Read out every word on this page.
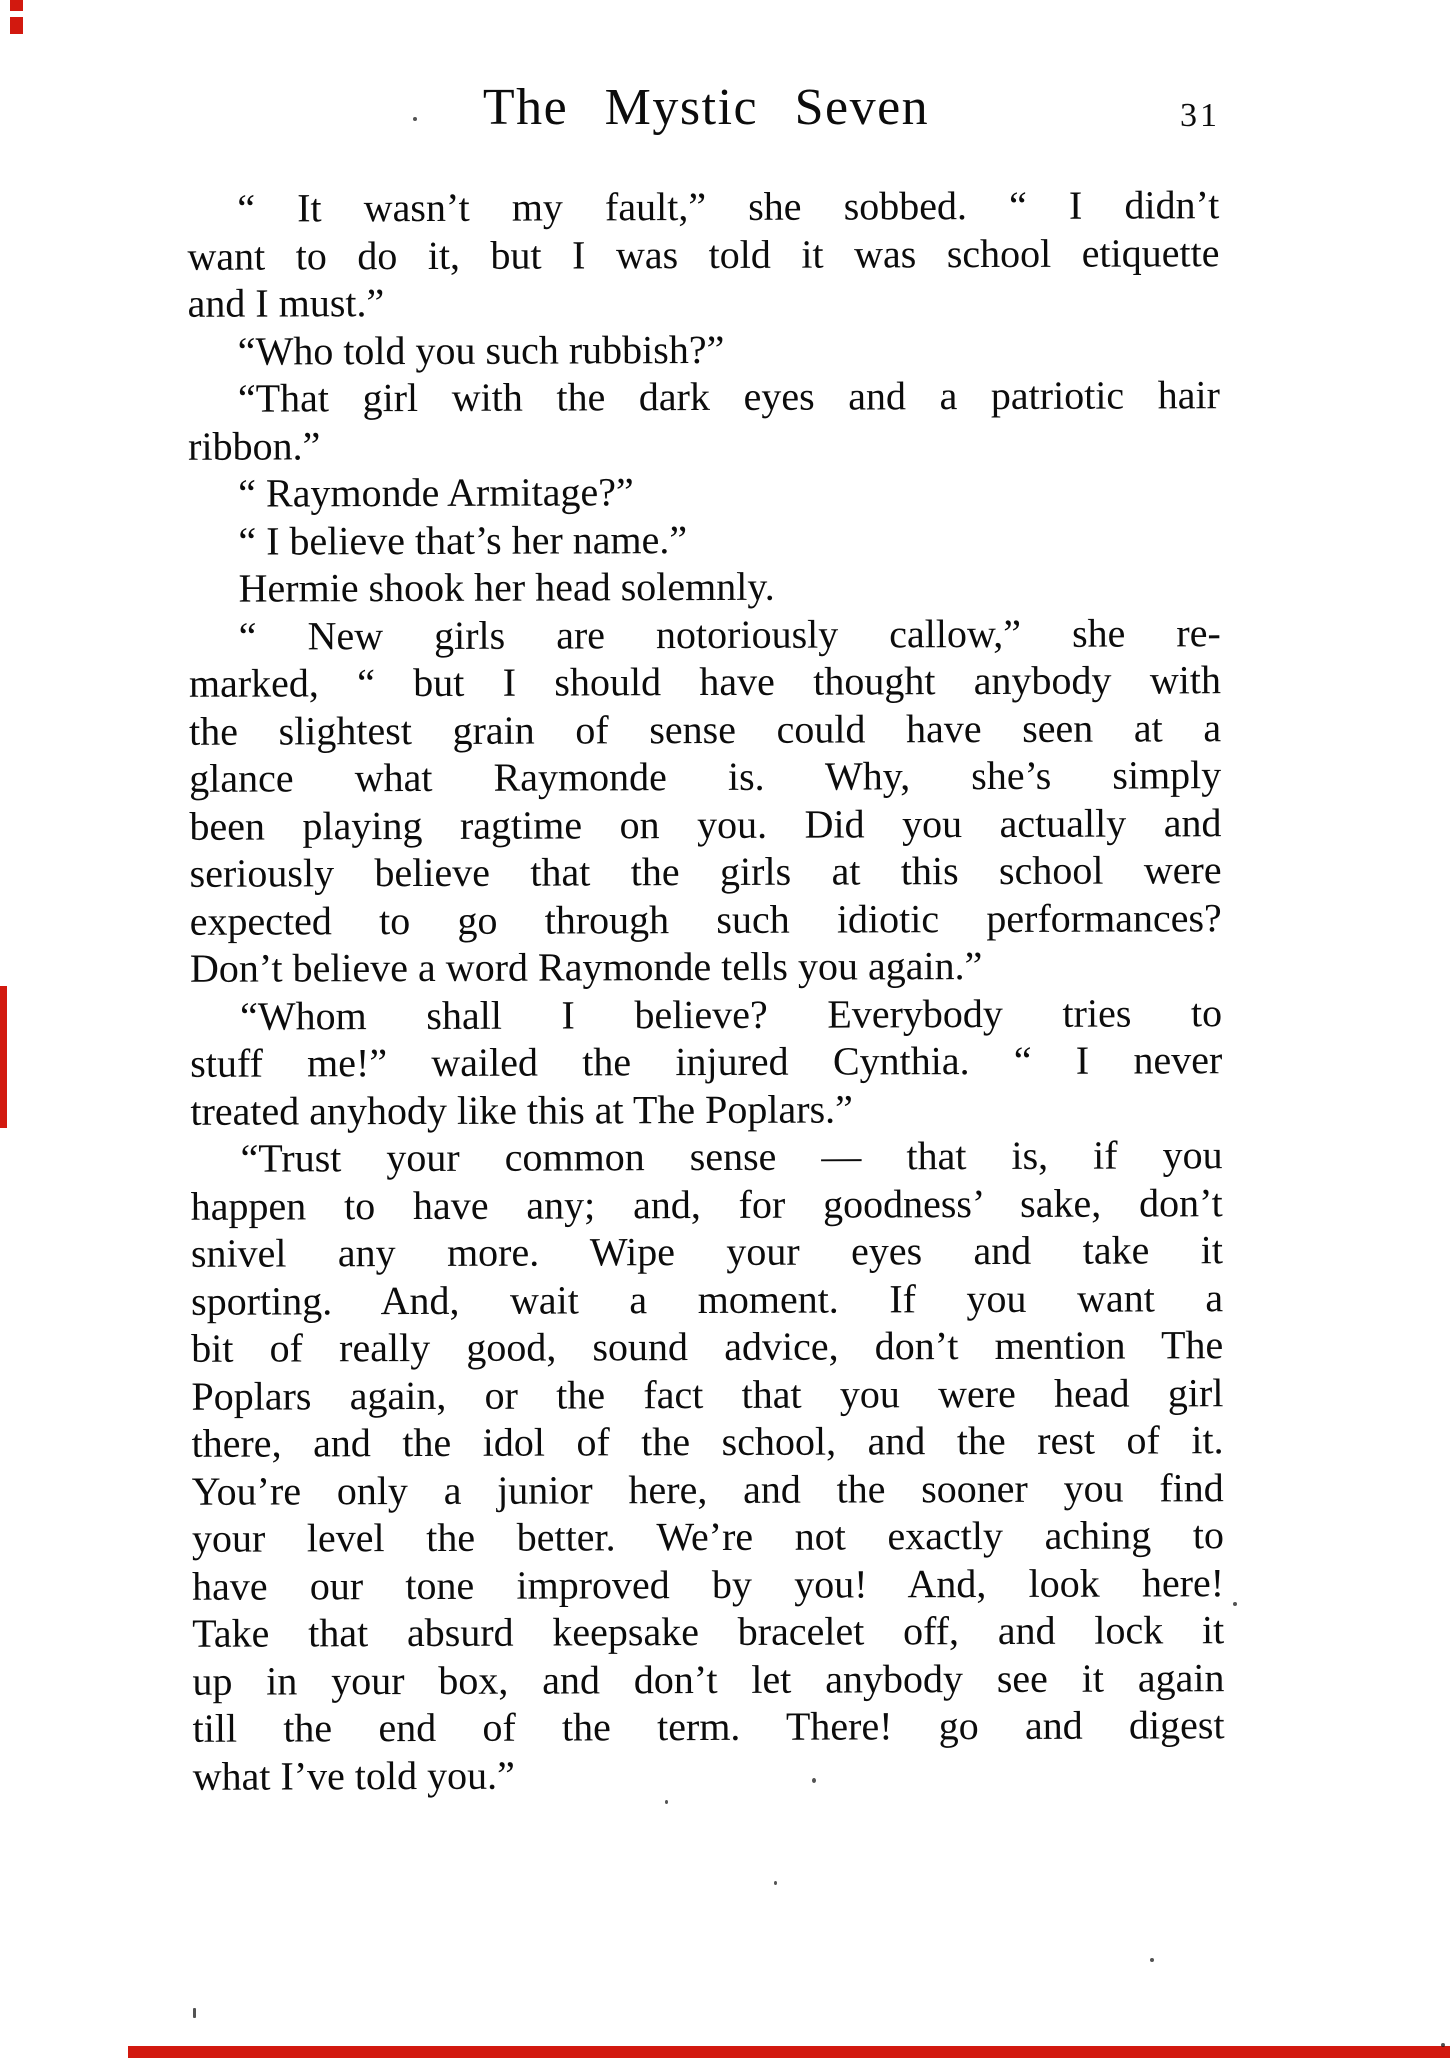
The Mystic Seven	31
“ It wasn’t my fault,” she sobbed. “ I didn’t
want to do it, but I was told it was school etiquette
and I must.”
“Who told you such rubbish?”
“That girl with the dark eyes and a patriotic hair
ribbon.”
“ Raymonde Armitage?”
“ I believe that’s her name.”
Hermie shook her head solemnly.
“ New girls are notoriously callow,” she re-
marked, “ but I should have thought anybody with
the slightest grain of sense could have seen at a
glance what Raymonde is. Why, she’s simply
been playing ragtime on you. Did you actually and
seriously believe that the girls at this school were
expected to go through such idiotic performances?
Don’t believe a word Raymonde tells you again.”
“Whom shall I believe? Everybody tries to
stuff me!” wailed the injured Cynthia. “ I never
treated anyhody like this at The Poplars.”
“Trust your common sense — that is, if you
happen to have any; and, for goodness’ sake, don’t
snivel any more. Wipe your eyes and take it
sporting. And, wait a moment. If you want a
bit of really good, sound advice, don’t mention The
Poplars again, or the fact that you were head girl
there, and the idol of the school, and the rest of it.
You’re only a junior here, and the sooner you find
your level the better. We’re not exactly aching to
have our tone improved by you! And, look here!
Take that absurd keepsake bracelet off, and lock it
up in your box, and don’t let anybody see it again
till the end of the term. There! go and digest
what I’ve told you.”
